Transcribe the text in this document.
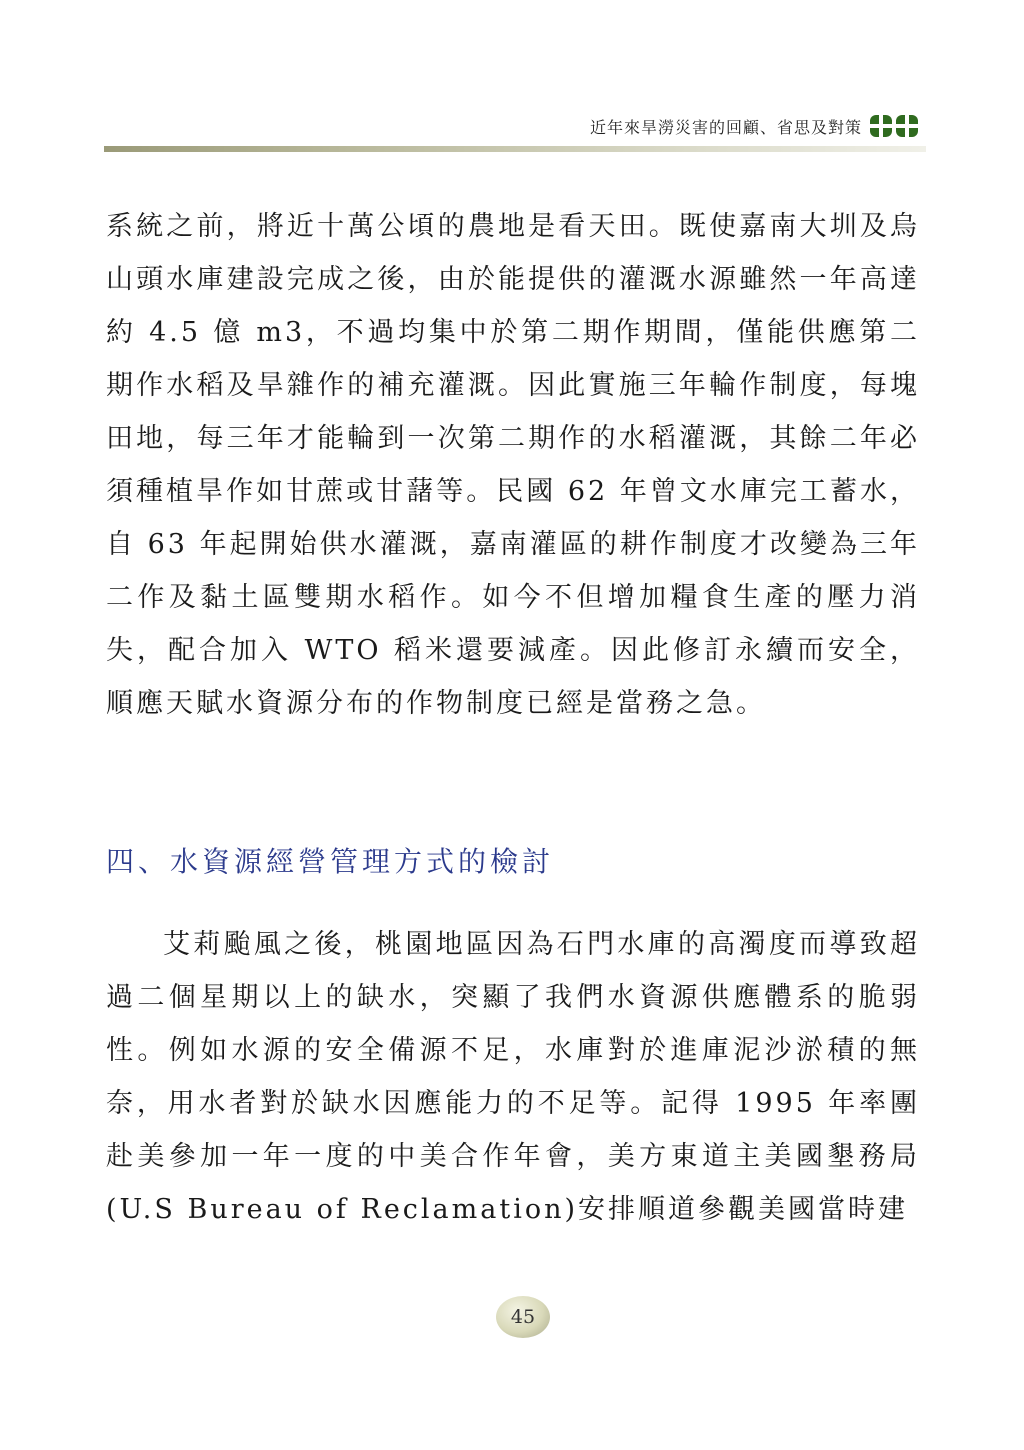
近年來旱澇災害的回顧、省思及對策

系統之前，將近十萬公頃的農地是看天田。既使嘉南大圳及烏山頭水庫建設完成之後，由於能提供的灌溉水源雖然一年高達約 4.5 億 m3，不過均集中於第二期作期間，僅能供應第二期作水稻及旱雜作的補充灌溉。因此實施三年輪作制度，每塊田地，每三年才能輪到一次第二期作的水稻灌溉，其餘二年必須種植旱作如甘蔗或甘藷等。民國 62 年曾文水庫完工蓄水，自 63 年起開始供水灌溉，嘉南灌區的耕作制度才改變為三年二作及黏土區雙期水稻作。如今不但增加糧食生產的壓力消失，配合加入 WTO 稻米還要減產。因此修訂永續而安全，順應天賦水資源分布的作物制度已經是當務之急。

四、水資源經營管理方式的檢討

艾莉颱風之後，桃園地區因為石門水庫的高濁度而導致超過二個星期以上的缺水，突顯了我們水資源供應體系的脆弱性。例如水源的安全備源不足，水庫對於進庫泥沙淤積的無奈，用水者對於缺水因應能力的不足等。記得 1995 年率團赴美參加一年一度的中美合作年會，美方東道主美國墾務局(U.S Bureau of Reclamation)安排順道參觀美國當時建

45
